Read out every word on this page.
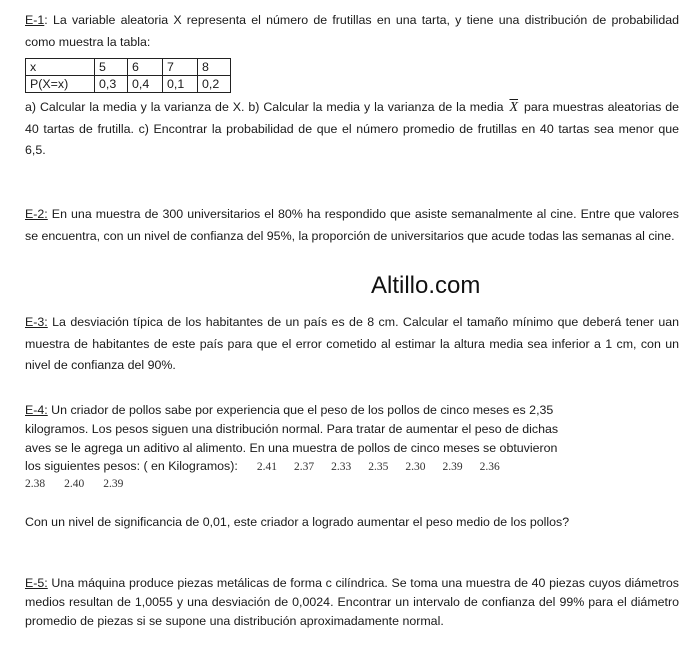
E-1: La variable aleatoria X representa el número de frutillas en una tarta, y tiene una distribución de probabilidad como muestra la tabla:

x	5	6	7	8
P(X=x)	0,3	0,4	0,1	0,2

a) Calcular la media y la varianza de X. b) Calcular la media y la varianza de la media $\overline{X}$ para muestras aleatorias de 40 tartas de frutilla. c) Encontrar la probabilidad de que el número promedio de frutillas en 40 tartas sea menor que 6,5.

E-2: En una muestra de 300 universitarios el 80% ha respondido que asiste semanalmente al cine. Entre que valores se encuentra, con un nivel de confianza del 95%, la proporción de universitarios que acude todas las semanas al cine.

Altillo.com

E-3: La desviación típica de los habitantes de un país es de 8 cm. Calcular el tamaño mínimo que deberá tener uan muestra de habitantes de este país para que el error cometido al estimar la altura media sea inferior a 1 cm, con un nivel de confianza del 90%.

E-4: Un criador de pollos sabe por experiencia que el peso de los pollos de cinco meses es 2,35
kilogramos. Los pesos siguen una distribución normal. Para tratar de aumentar el peso de dichas
aves se le agrega un aditivo al alimento. En una muestra de pollos de cinco meses se obtuvieron
los siguientes pesos: ( en Kilogramos): 2.41 2.37 2.33 2.35 2.30 2.39 2.36
2.38 2.40 2.39

Con un nivel de significancia de 0,01, este criador a logrado aumentar el peso medio de los pollos?

E-5: Una máquina produce piezas metálicas de forma c cilíndrica. Se toma una muestra de 40 piezas cuyos diámetros medios resultan de 1,0055 y una desviación de 0,0024. Encontrar un intervalo de confianza del 99% para el diámetro promedio de piezas si se supone una distribución aproximadamente normal.
